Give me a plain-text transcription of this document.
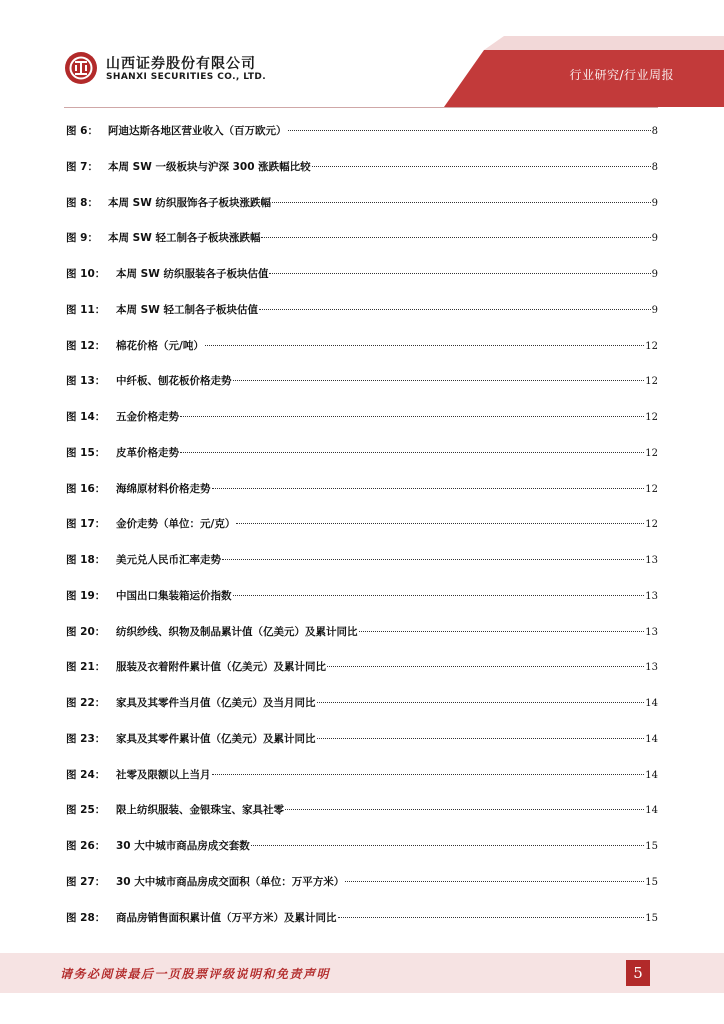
山西证券股份有限公司
SHANXI SECURITIES CO., LTD.	行业研究/行业周报
图 6： 阿迪达斯各地区营业收入（百万欧元）	8
图 7： 本周 SW 一级板块与沪深 300 涨跌幅比较	8
图 8： 本周 SW 纺织服饰各子板块涨跌幅	9
图 9： 本周 SW 轻工制各子板块涨跌幅	9
图 10：	本周 SW 纺织服装各子板块估值	9
图 11：	本周 SW 轻工制各子板块估值	9
图 12：	棉花价格（元/吨）	12
图 13：	中纤板、刨花板价格走势	12
图 14：	五金价格走势	12
图 15：	皮革价格走势	12
图 16：	海绵原材料价格走势	12
图 17：	金价走势（单位：元/克）	12
图 18：	美元兑人民币汇率走势	13
图 19：	中国出口集装箱运价指数	13
图 20：	纺织纱线、织物及制品累计值（亿美元）及累计同比	13
图 21：	服装及衣着附件累计值（亿美元）及累计同比	13
图 22：	家具及其零件当月值（亿美元）及当月同比	14
图 23：	家具及其零件累计值（亿美元）及累计同比	14
图 24：	社零及限额以上当月	14
图 25：	限上纺织服装、金银珠宝、家具社零	14
图 26：	30 大中城市商品房成交套数	15
图 27：	30 大中城市商品房成交面积（单位：万平方米）	15
图 28：	商品房销售面积累计值（万平方米）及累计同比	15
请务必阅读最后一页股票评级说明和免责声明	5
